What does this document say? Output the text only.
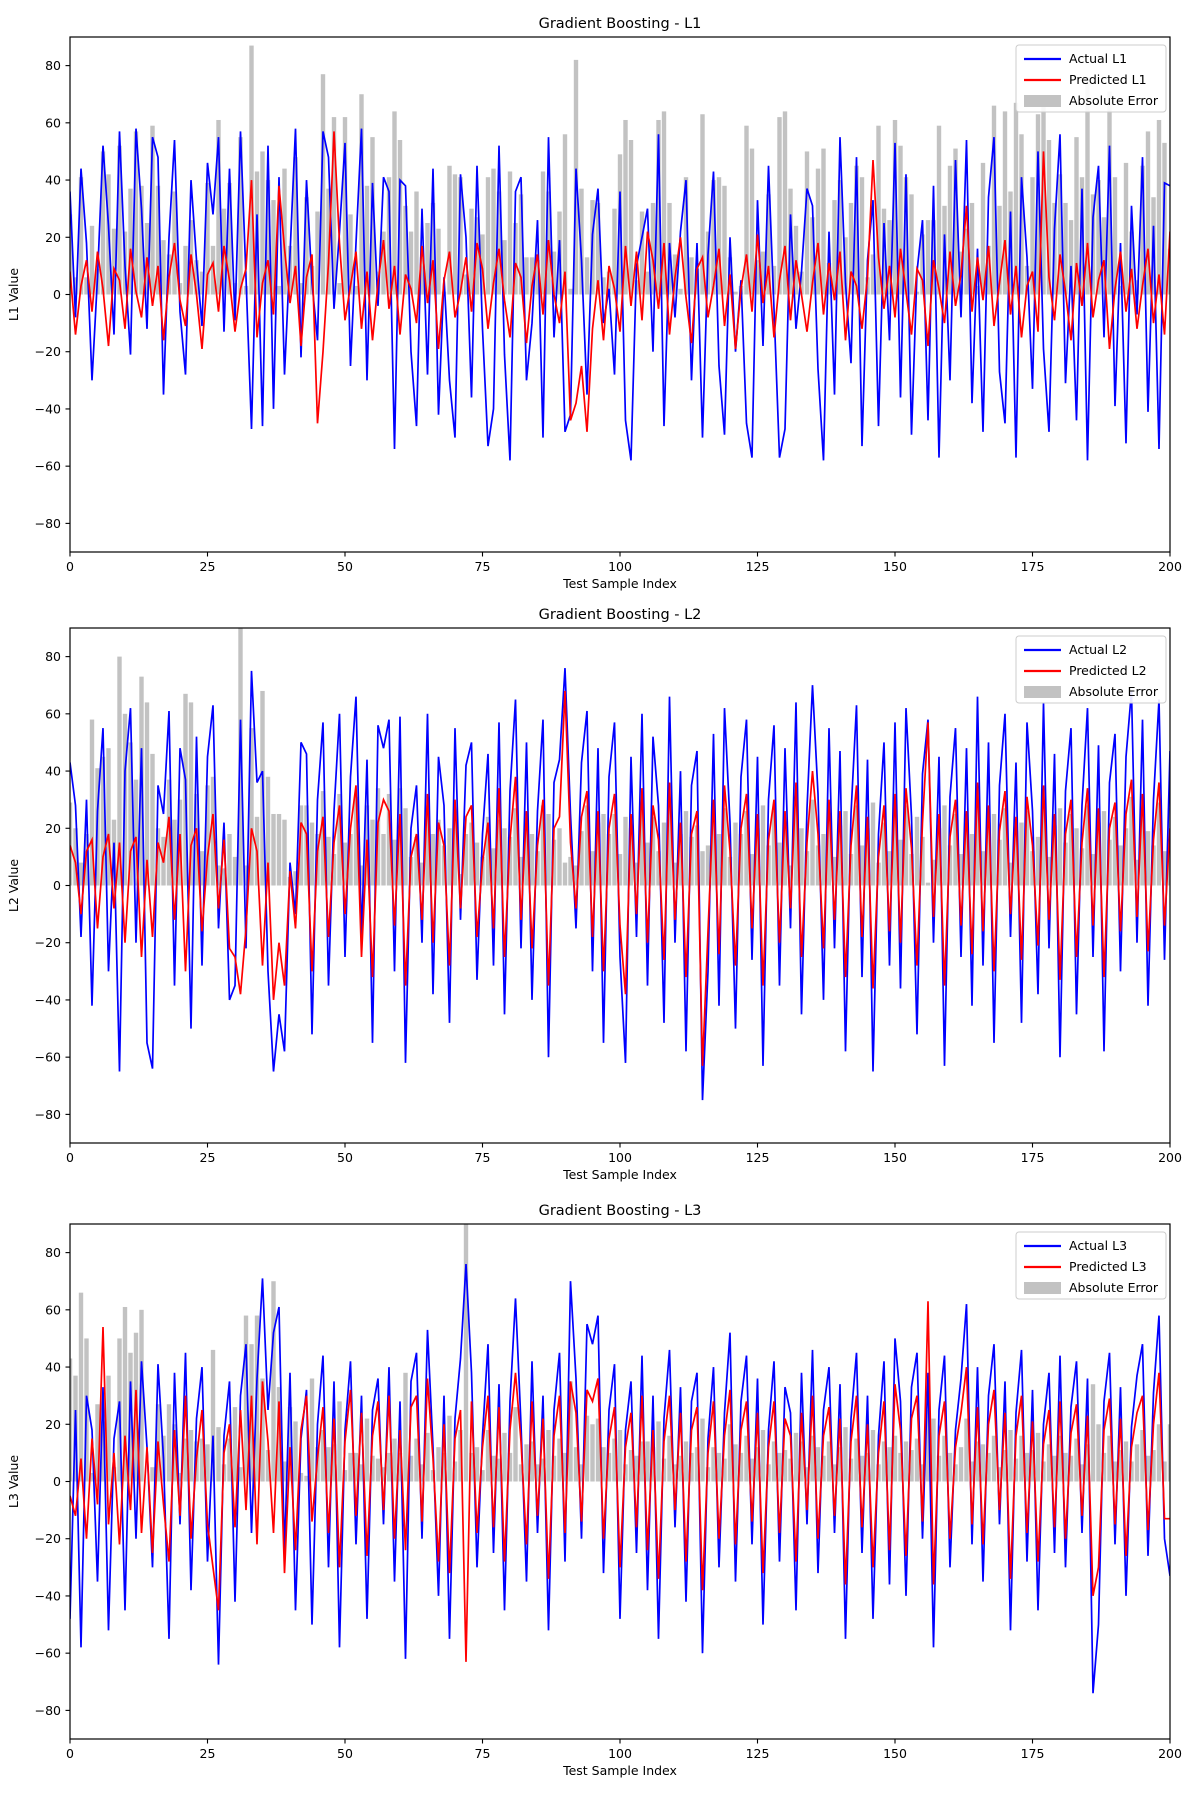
0	25	50	75	100	125	150	175	200
−80
−60
−40
−20
0
20
40
60
80
Gradient Boosting - L1
Test Sample Index
L1 Value
Actual L1
Predicted L1
Absolute Error
0	25	50	75	100	125	150	175	200
−80
−60
−40
−20
0
20
40
60
80
Gradient Boosting - L2
Test Sample Index
L2 Value
Actual L2
Predicted L2
Absolute Error
0	25	50	75	100	125	150	175	200
−80
−60
−40
−20
0
20
40
60
80
Gradient Boosting - L3
Test Sample Index
L3 Value
Actual L3
Predicted L3
Absolute Error
